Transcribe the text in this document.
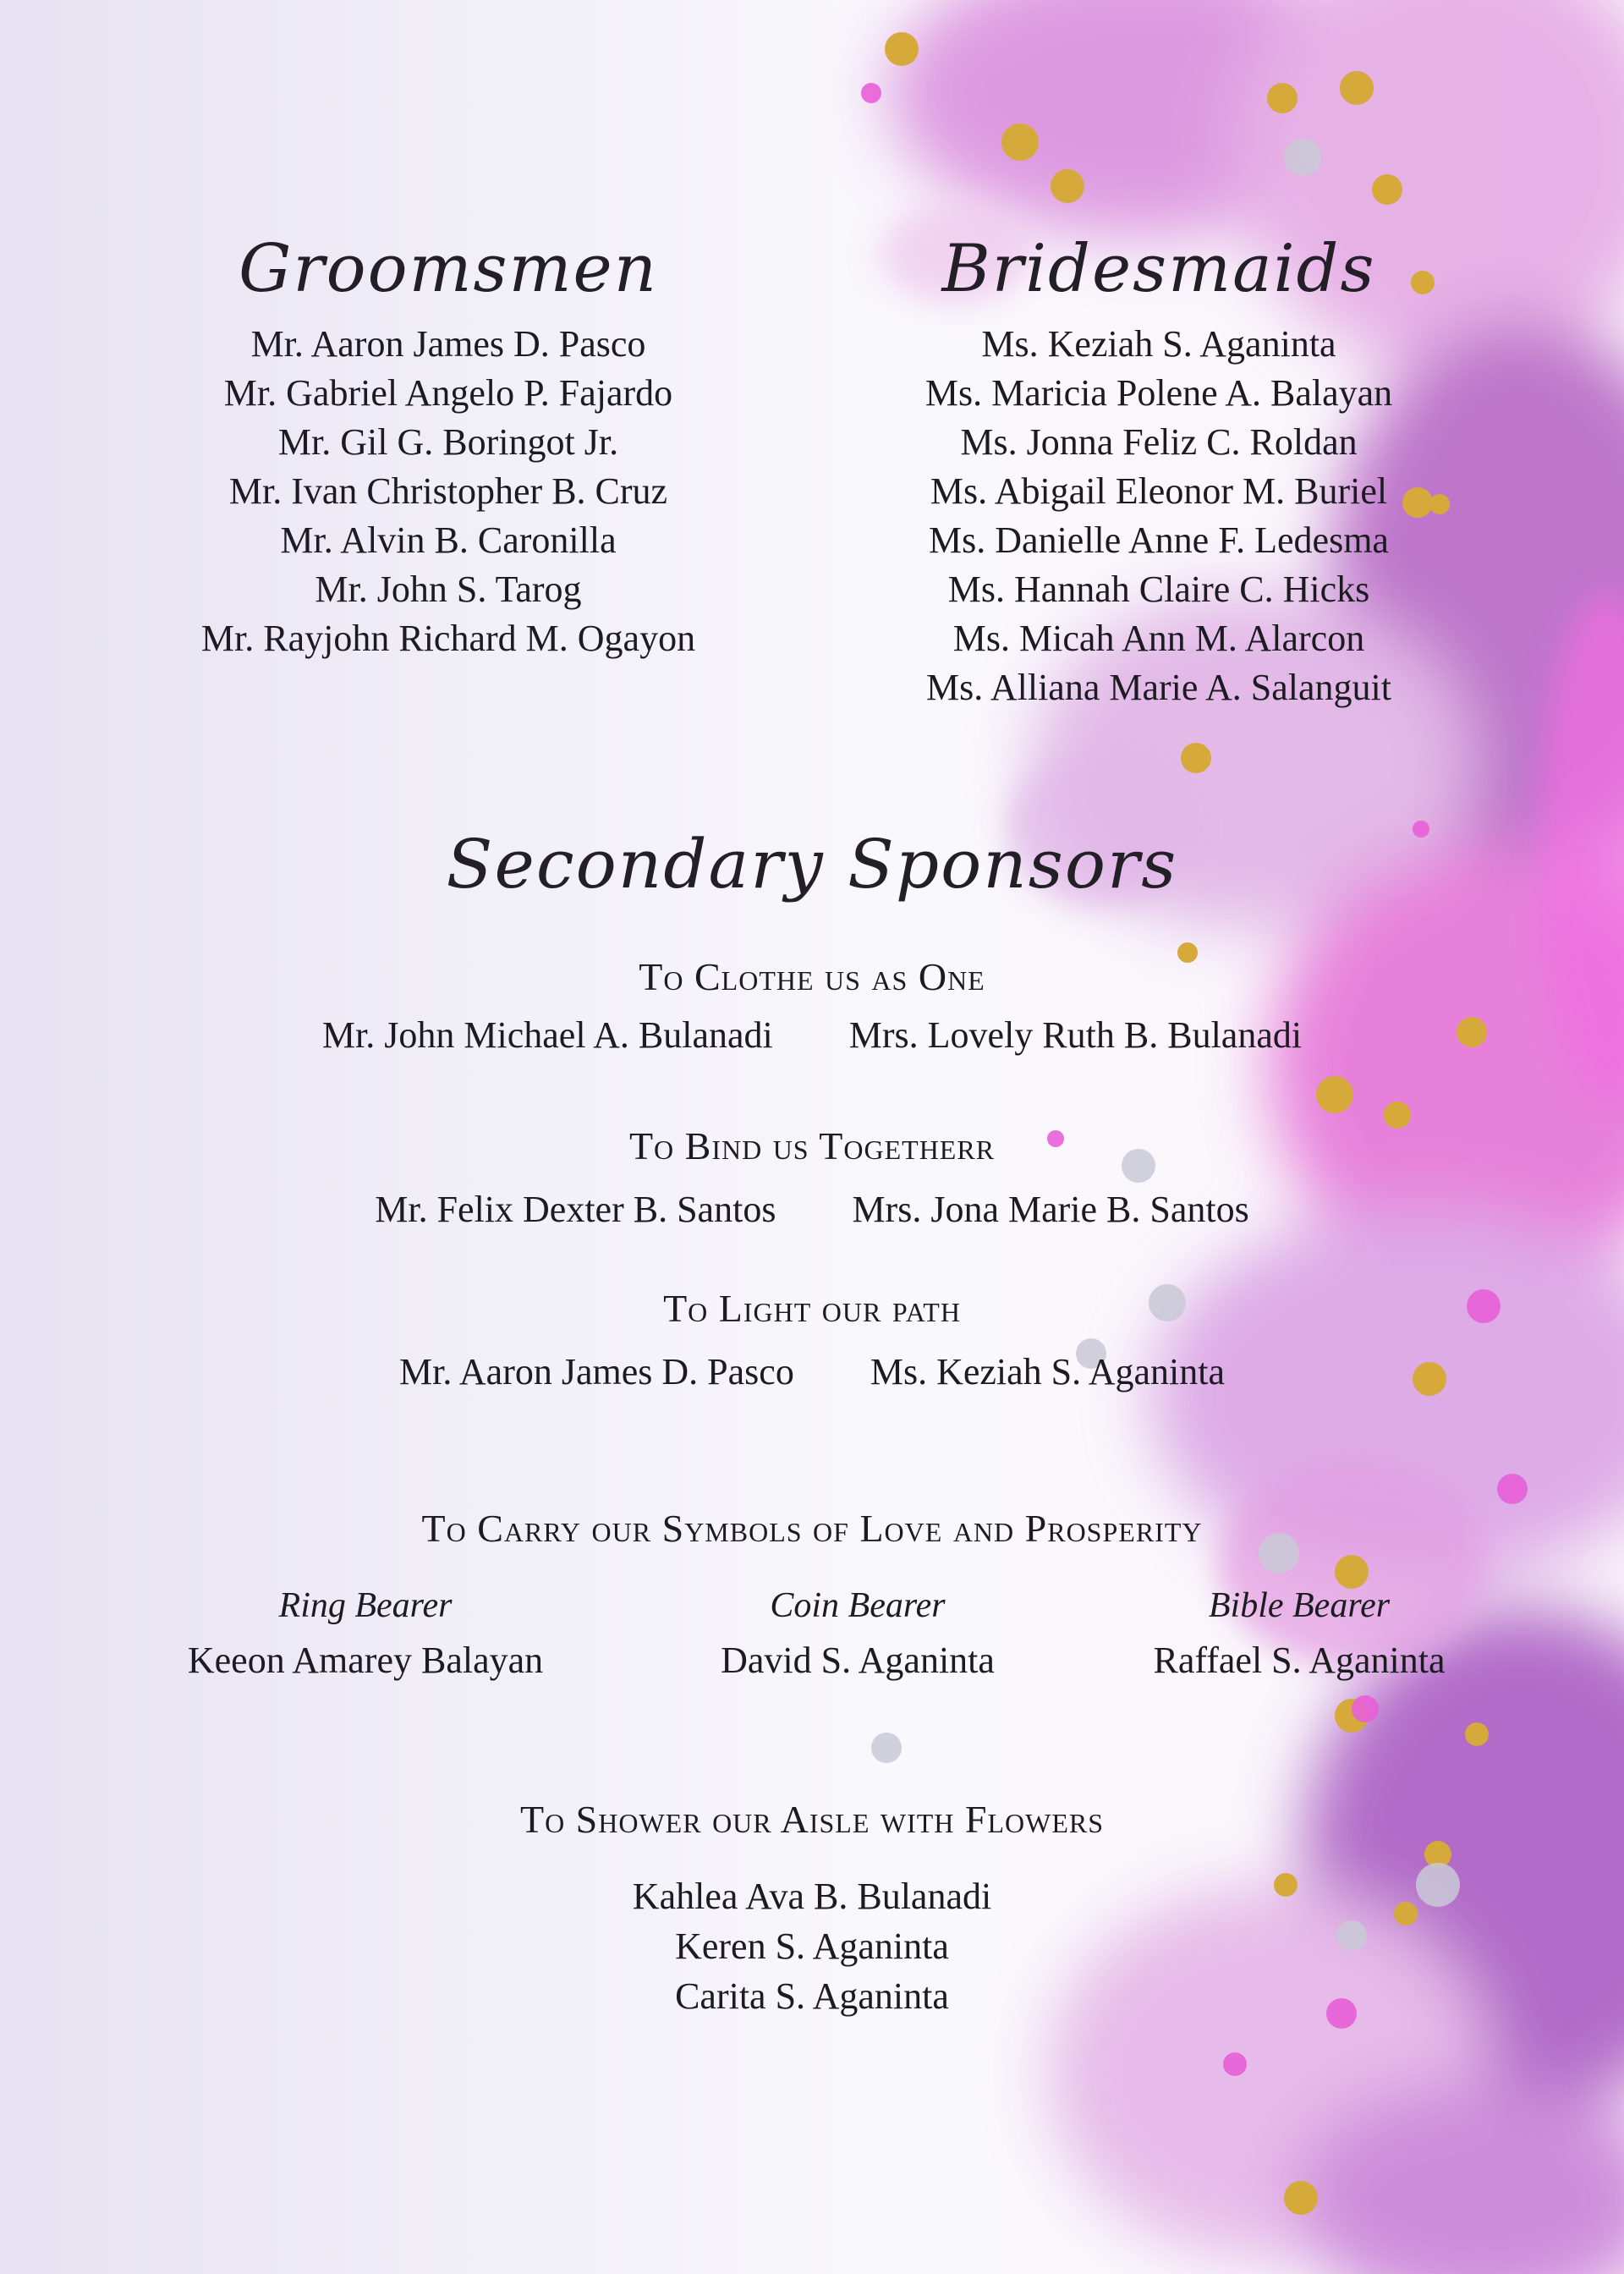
Groomsmen
Mr. Aaron James D. Pasco
Mr. Gabriel Angelo P. Fajardo
Mr. Gil G. Boringot Jr.
Mr. Ivan Christopher B. Cruz
Mr. Alvin B. Caronilla
Mr. John S. Tarog
Mr. Rayjohn Richard M. Ogayon
Bridesmaids
Ms. Keziah S. Aganinta
Ms. Maricia Polene A. Balayan
Ms. Jonna Feliz C. Roldan
Ms. Abigail Eleonor M. Buriel
Ms. Danielle Anne F. Ledesma
Ms. Hannah Claire C. Hicks
Ms. Micah Ann M. Alarcon
Ms. Alliana Marie A. Salanguit
Secondary Sponsors
To Clothe us as One
Mr. John Michael A. Bulanadi Mrs. Lovely Ruth B. Bulanadi
To Bind us Togetherr
Mr. Felix Dexter B. Santos Mrs. Jona Marie B. Santos
To Light our path
Mr. Aaron James D. Pasco Ms. Keziah S. Aganinta
To Carry our Symbols of Love and Prosperity
Ring Bearer
Keeon Amarey Balayan
Coin Bearer
David S. Aganinta
Bible Bearer
Raffael S. Aganinta
To Shower our Aisle with Flowers
Kahlea Ava B. Bulanadi
Keren S. Aganinta
Carita S. Aganinta
